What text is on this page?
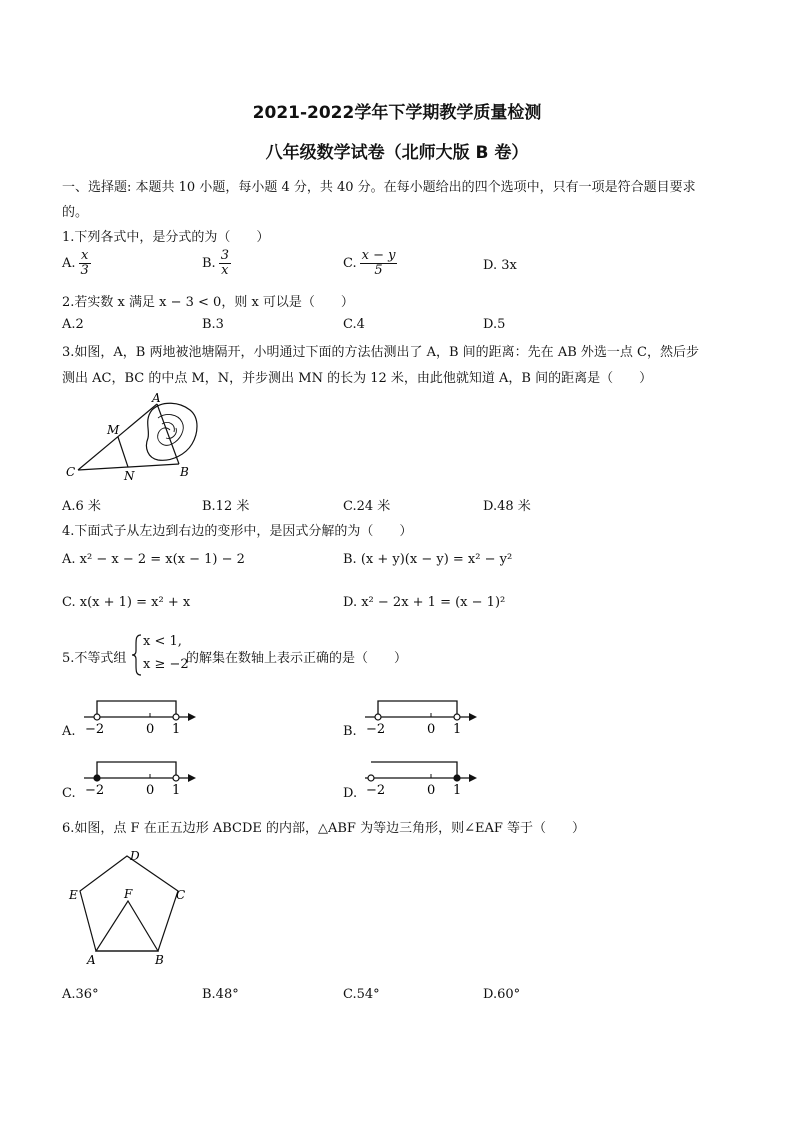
2021-2022学年下学期教学质量检测
八年级数学试卷（北师大版 B 卷）
一、选择题: 本题共 10 小题，每小题 4 分，共 40 分。在每小题给出的四个选项中，只有一项是符合题目要求
的。
1.下列各式中，是分式的为（　　）
A. $\frac{x}{3}$	B. $\frac{3}{x}$	C. $\frac{x - y}{5}$	D. 3x
2.若实数 x 满足 x − 3 < 0，则 x 可以是（　　）
A.2	B.3	C.4	D.5
3.如图，A，B 两地被池塘隔开，小明通过下面的方法估测出了 A，B 间的距离：先在 AB 外选一点 C，然后步
测出 AC，BC 的中点 M，N，并步测出 MN 的长为 12 米，由此他就知道 A，B 间的距离是（　　）
A
B
C
M
N
A.6 米	B.12 米	C.24 米	D.48 米
4.下面式子从左边到右边的变形中，是因式分解的为（　　）
A. x² − x − 2 = x(x − 1) − 2	B. (x + y)(x − y) = x² − y²
C. x(x + 1) = x² + x	D. x² − 2x + 1 = (x − 1)²
5.不等式组
x < 1,
x ≥ −2
的解集在数轴上表示正确的是（　　）
A. −2	0 1	B. −2	0 1
C. −2	0 1	D. −2	0 1
6.如图，点 F 在正五边形 ABCDE 的内部，△ABF 为等边三角形，则∠EAF 等于（　　）
A	B
C
D
E	F
A.36°	B.48°	C.54°	D.60°
